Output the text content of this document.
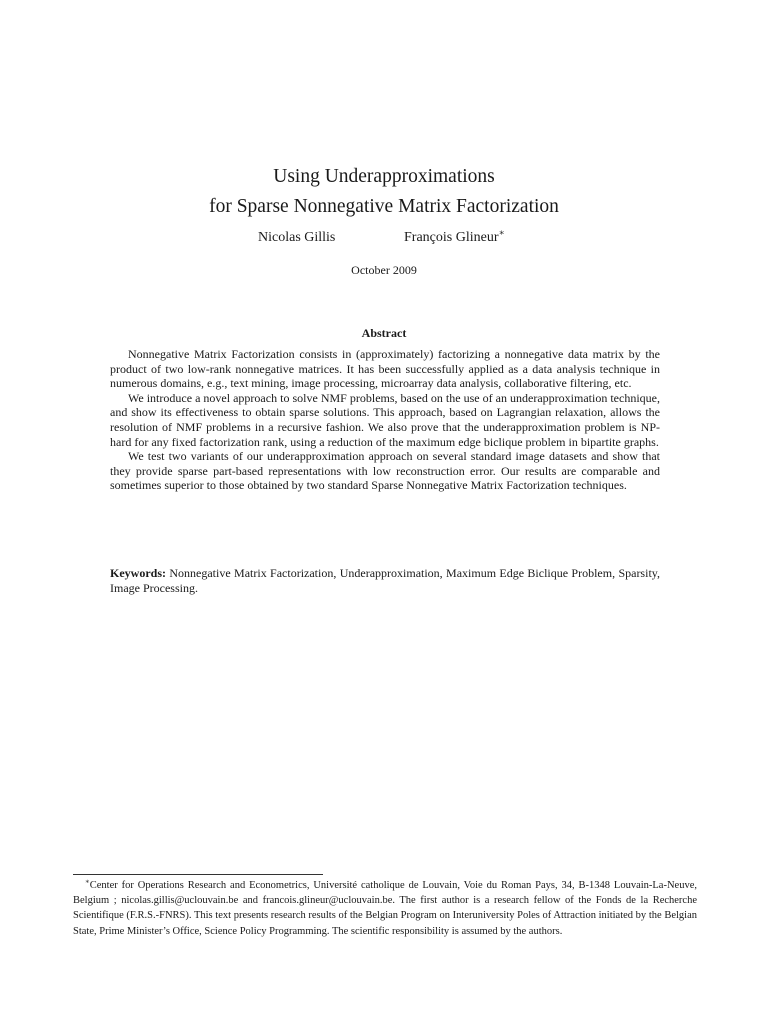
Using Underapproximations
for Sparse Nonnegative Matrix Factorization
Nicolas Gillis	François Glineur∗
October 2009
Abstract

Nonnegative Matrix Factorization consists in (approximately) factorizing a nonnegative data matrix by the product of two low-rank nonnegative matrices. It has been successfully applied as a data analysis technique in numerous domains, e.g., text mining, image processing, microarray data analysis, collaborative filtering, etc.

We introduce a novel approach to solve NMF problems, based on the use of an underapproximation technique, and show its effectiveness to obtain sparse solutions. This approach, based on Lagrangian relaxation, allows the resolution of NMF problems in a recursive fashion. We also prove that the underapproximation problem is NP-hard for any fixed factorization rank, using a reduction of the maximum edge biclique problem in bipartite graphs.

We test two variants of our underapproximation approach on several standard image datasets and show that they provide sparse part-based representations with low reconstruction error. Our results are comparable and sometimes superior to those obtained by two standard Sparse Nonnegative Matrix Factorization techniques.

Keywords: Nonnegative Matrix Factorization, Underapproximation, Maximum Edge Biclique Problem, Sparsity, Image Processing.
∗Center for Operations Research and Econometrics, Université catholique de Louvain, Voie du Roman Pays, 34, B-1348 Louvain-La-Neuve, Belgium ; nicolas.gillis@uclouvain.be and francois.glineur@uclouvain.be. The first author is a research fellow of the Fonds de la Recherche Scientifique (F.R.S.-FNRS). This text presents research results of the Belgian Program on Interuniversity Poles of Attraction initiated by the Belgian State, Prime Minister’s Office, Science Policy Programming. The scientific responsibility is assumed by the authors.
